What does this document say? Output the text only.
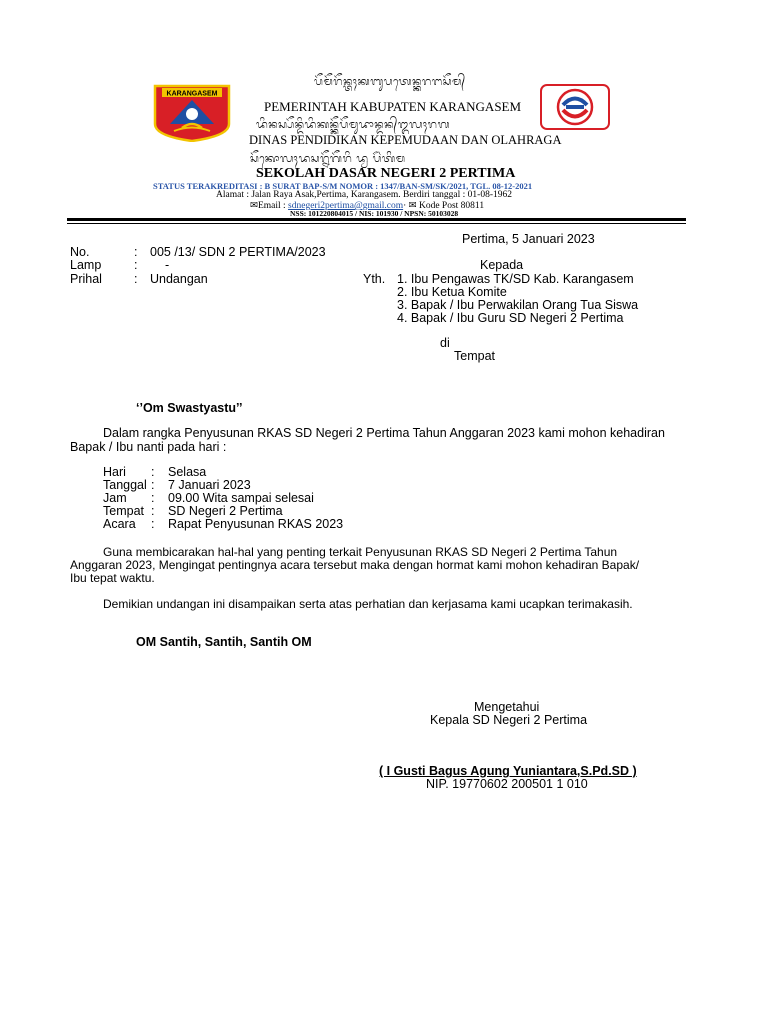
KARANGASEM
ᬧᭂᬫᭂᬭᭂᬦ᭄ᬢᬄᬓᬩᬸᬧᬢᬾᬦ᭄ᬓᬭᬗᬲᭂᬫ᭄
PEMERINTAH KABUPATEN KARANGASEM
ᬤᬶᬦᬲ᭄ᬧᭂᬦ᭄ᬤᬶᬤᬶᬓᬦ᭄ᬓᭂᬧᭂᬫᬸᬤᬵᬦ᭄ᬤᬦ᭄ᬑᬮᬄᬭᬕ
DINAS PENDIDIKAN KEPEMUDAAN DAN OLAHRAGA
ᬲᭂᬓᭀᬮᬄᬤᬲᬭ᭄ᬦᭂᬕᭂᬭᬶ ᬤ᭄ᬯ ᬧᭂᬃᬢᬶᬫ
SEKOLAH DASAR NEGERI 2 PERTIMA
STATUS TERAKREDITASI : B SURAT BAP-S/M NOMOR : 1347/BAN-SM/SK/2021, TGL. 08-12-2021
Alamat : Jalan Raya Asak,Pertima, Karangasem. Berdiri tanggal : 01-08-1962
✉Email : sdnegeri2pertima@gmail.com​· ✉ Kode Post 80811
NSS: 101220804015 / NIS: 101930 / NPSN: 50103028
Pertima, 5 Januari 2023
No.	: 005 /13/ SDN 2 PERTIMA/2023
Lamp	: -
Prihal	: Undangan
Kepada
Yth. 1. Ibu Pengawas TK/SD Kab. Karangasem
2. Ibu Ketua Komite
3. Bapak / Ibu Perwakilan Orang Tua Siswa
4. Bapak / Ibu Guru SD Negeri 2 Pertima
di
Tempat
‘’Om Swastyastu’’
Dalam rangka Penyusunan RKAS SD Negeri 2 Pertima Tahun Anggaran 2023 kami mohon kehadiran
Bapak / Ibu nanti pada hari :
Hari : Selasa
Tanggal : 7 Januari 2023
Jam : 09.00 Wita sampai selesai
Tempat : SD Negeri 2 Pertima
Acara : Rapat Penyusunan RKAS 2023
Guna membicarakan hal-hal yang penting terkait Penyusunan RKAS SD Negeri 2 Pertima Tahun
Anggaran 2023, Mengingat pentingnya acara tersebut maka dengan hormat kami mohon kehadiran Bapak/
Ibu tepat waktu.
Demikian undangan ini disampaikan serta atas perhatian dan kerjasama kami ucapkan terimakasih.
OM Santih, Santih, Santih OM
Mengetahui
Kepala SD Negeri 2 Pertima
( I Gusti Bagus Agung Yuniantara,S.Pd.SD )
NIP. 19770602 200501 1 010
